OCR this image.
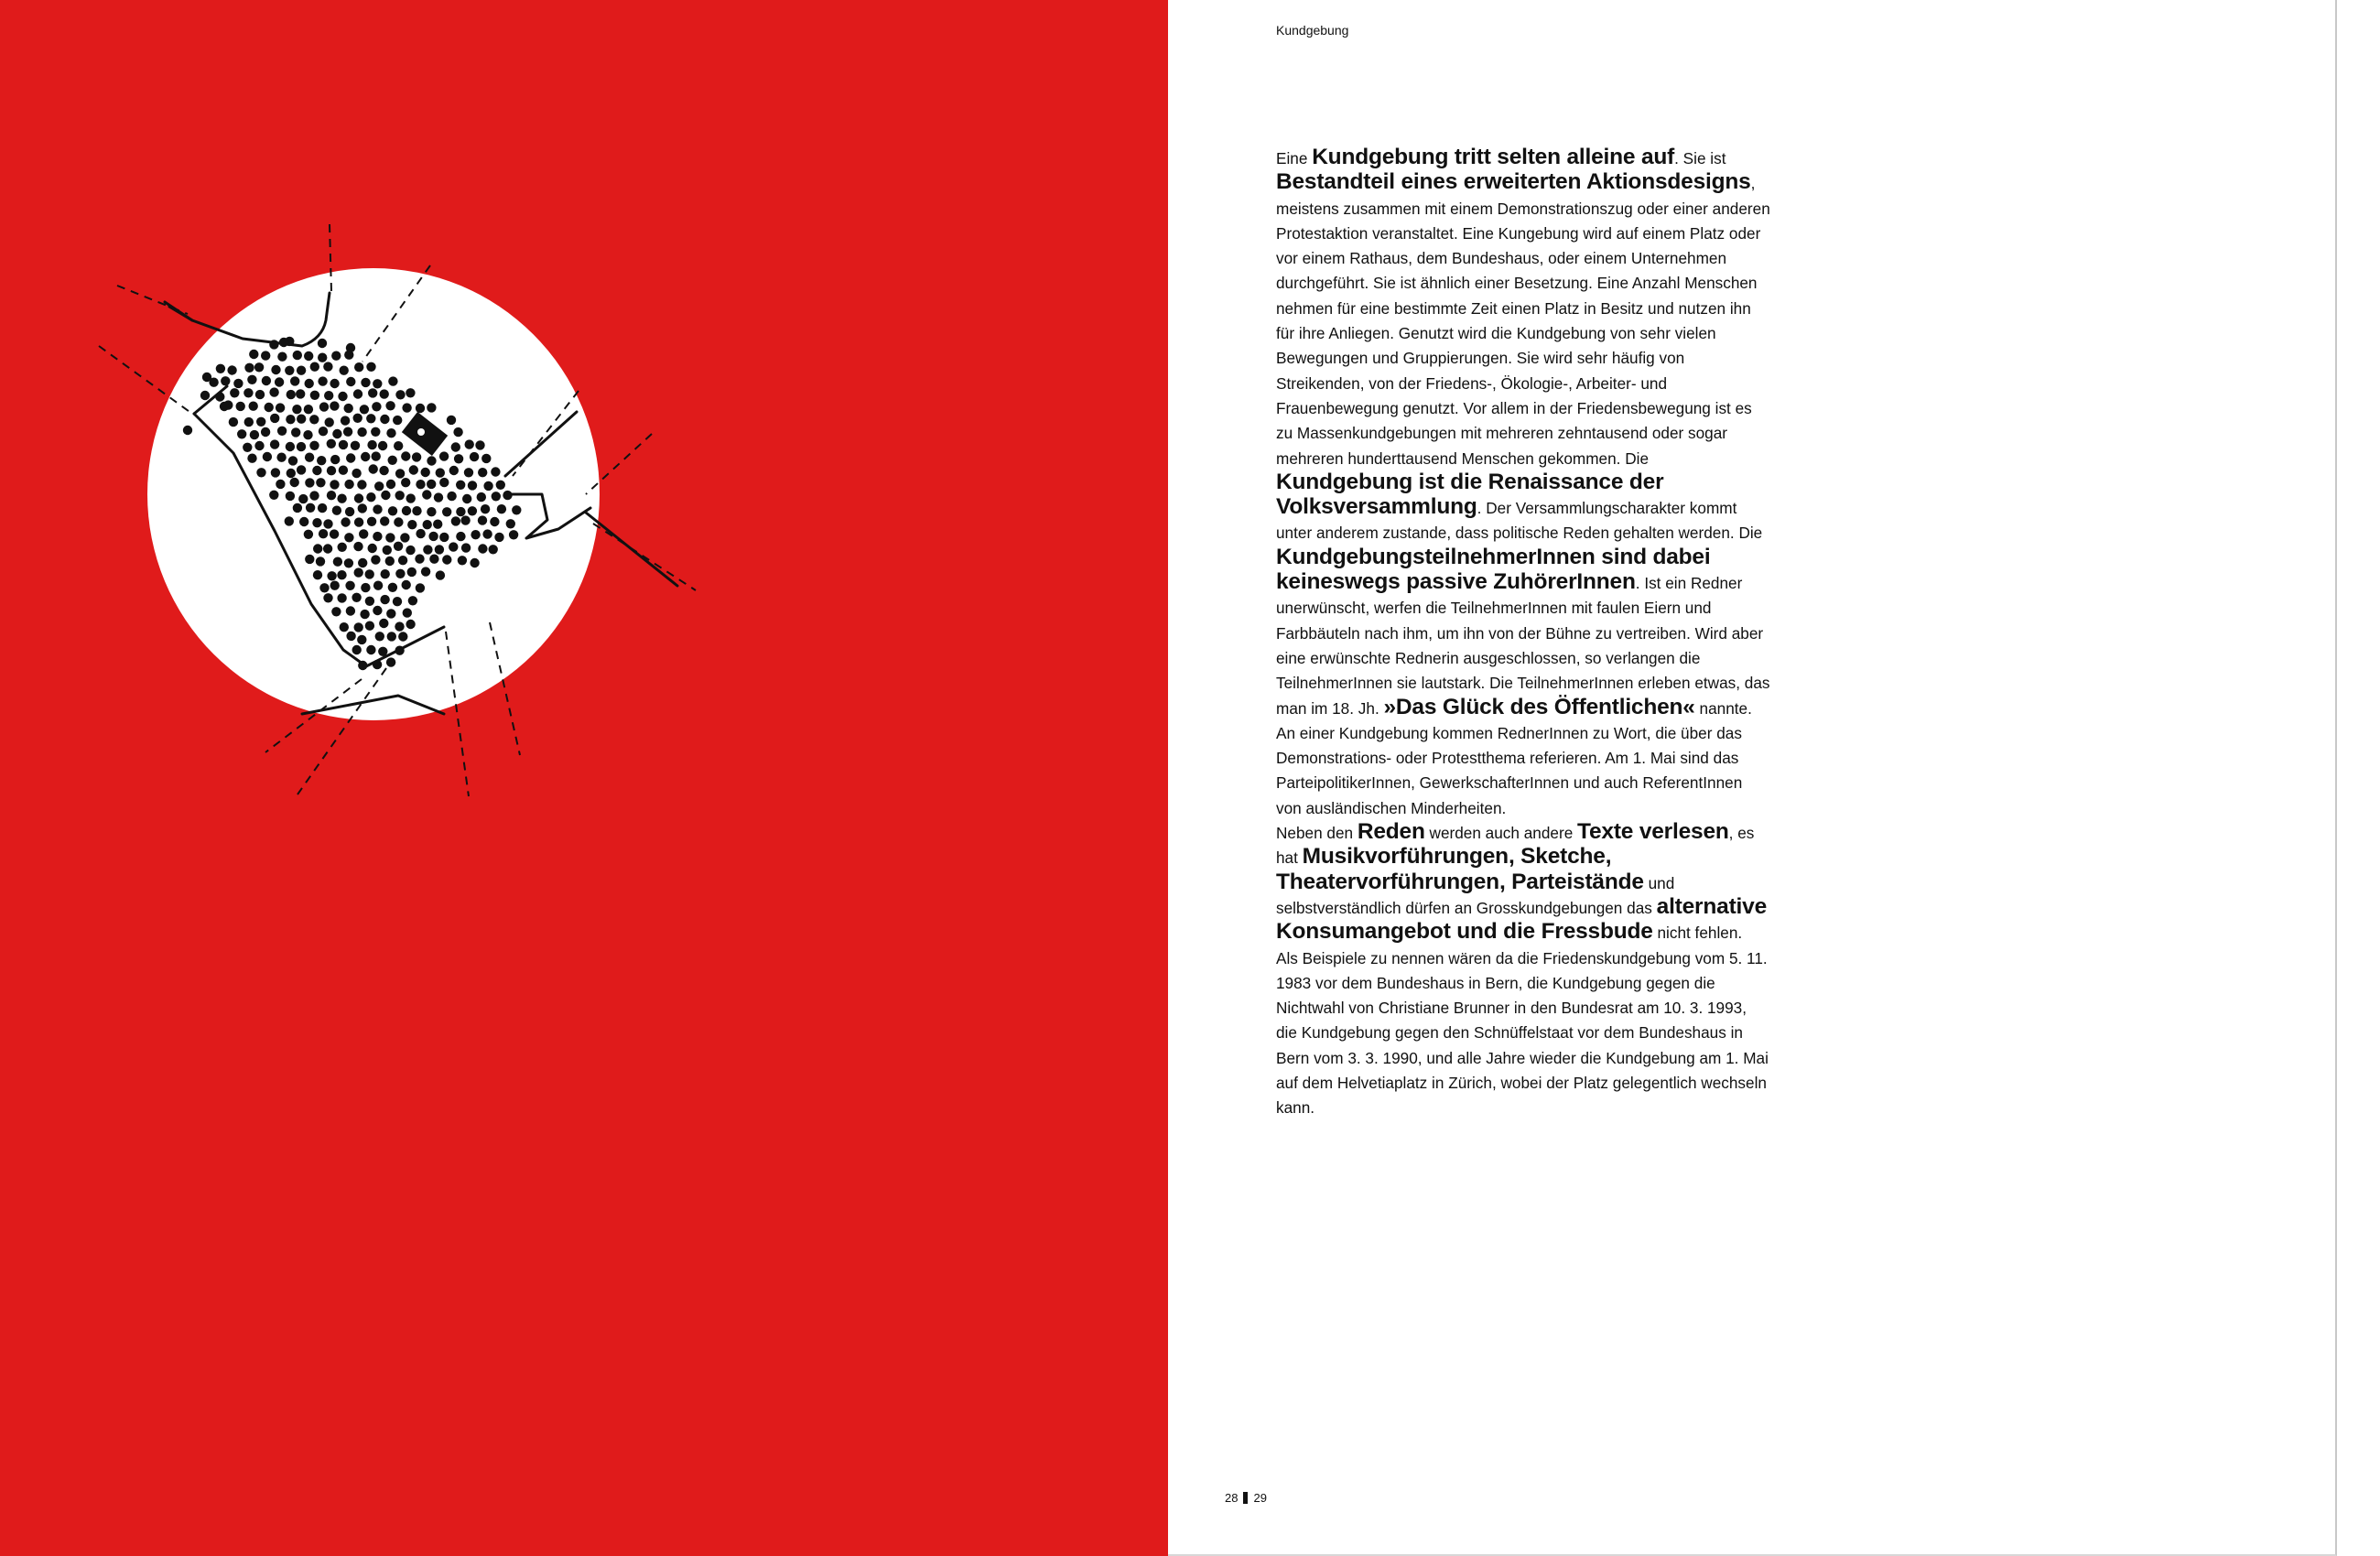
Kundgebung

Eine Kundgebung tritt selten alleine auf. Sie ist Bestandteil eines erweiterten Aktionsdesigns, meistens zusammen mit einem Demonstrationszug oder einer anderen Protestaktion veranstaltet. Eine Kungebung wird auf einem Platz oder vor einem Rathaus, dem Bundeshaus, oder einem Unternehmen durchgeführt. Sie ist ähnlich einer Besetzung. Eine Anzahl Menschen nehmen für eine bestimmte Zeit einen Platz in Besitz und nutzen ihn für ihre Anliegen. Genutzt wird die Kundgebung von sehr vielen Bewegungen und Gruppierungen. Sie wird sehr häufig von Streikenden, von der Friedens-, Ökologie-, Arbeiter- und Frauenbewegung genutzt. Vor allem in der Friedensbewegung ist es zu Massenkundgebungen mit mehreren zehntausend oder sogar mehreren hunderttausend Menschen gekommen. Die Kundgebung ist die Renaissance der Volksversammlung. Der Versammlungscharakter kommt unter anderem zustande, dass politische Reden gehalten werden. Die KundgebungsteilnehmerInnen sind dabei keineswegs passive ZuhörerInnen. Ist ein Redner unerwünscht, werfen die TeilnehmerInnen mit faulen Eiern und Farbbäuteln nach ihm, um ihn von der Bühne zu vertreiben. Wird aber eine erwünschte Rednerin ausgeschlossen, so verlangen die TeilnehmerInnen sie lautstark. Die TeilnehmerInnen erleben etwas, das man im 18. Jh. »Das Glück des Öffentlichen« nannte. An einer Kundgebung kommen RednerInnen zu Wort, die über das Demonstrations- oder Protestthema referieren. Am 1. Mai sind das ParteipolitikerInnen, GewerkschafterInnen und auch ReferentInnen von ausländischen Minderheiten.

Neben den Reden werden auch andere Texte verlesen, es hat Musikvorführungen, Sketche, Theatervorführungen, Parteistände und selbstverständlich dürfen an Grosskundgebungen das alternative Konsumangebot und die Fressbude nicht fehlen.

Als Beispiele zu nennen wären da die Friedenskundgebung vom 5. 11. 1983 vor dem Bundeshaus in Bern, die Kundgebung gegen die Nichtwahl von Christiane Brunner in den Bundesrat am 10. 3. 1993, die Kundgebung gegen den Schnüffelstaat vor dem Bundeshaus in Bern vom 3. 3. 1990, und alle Jahre wieder die Kundgebung am 1. Mai auf dem Helvetiaplatz in Zürich, wobei der Platz gelegentlich wechseln kann.

28 29
